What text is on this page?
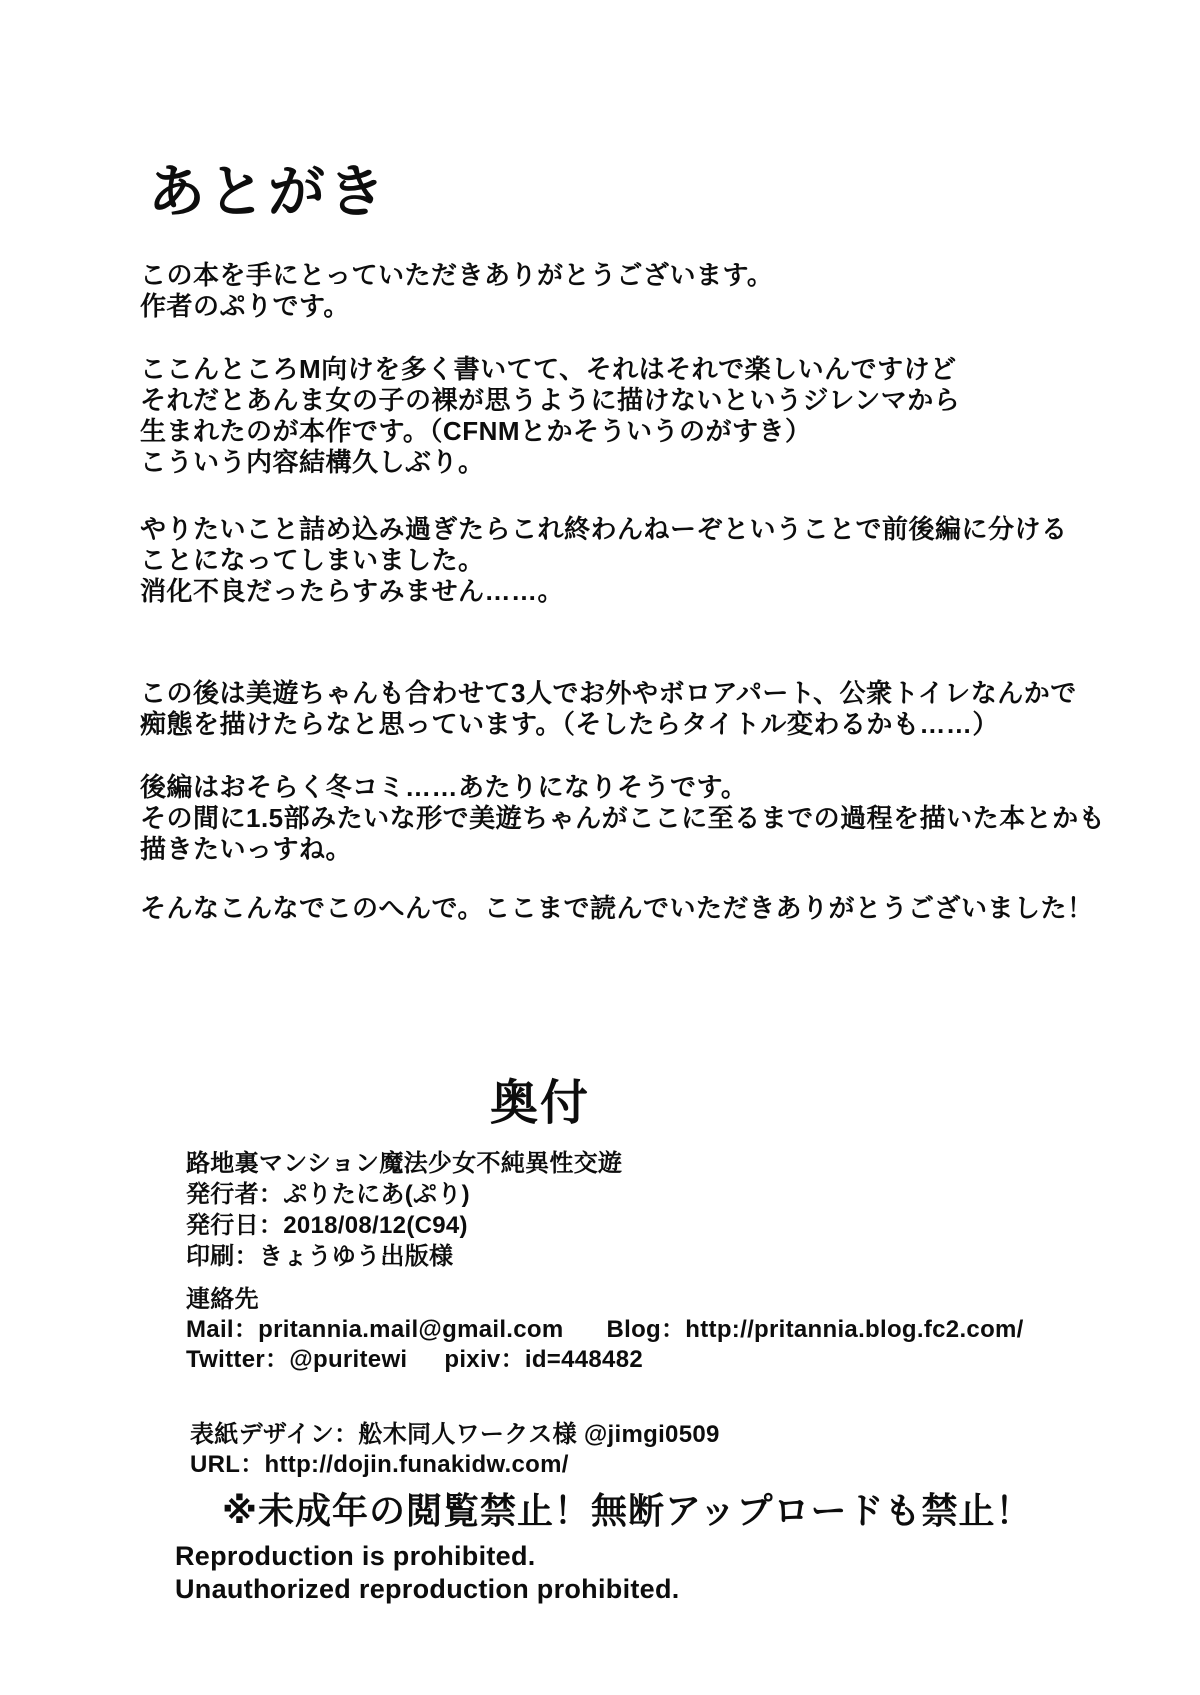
あとがき
この本を手にとっていただきありがとうございます。
作者のぷりです。
ここんところM向けを多く書いてて、それはそれで楽しいんですけど
それだとあんま女の子の裸が思うように描けないというジレンマから
生まれたのが本作です。（CFNMとかそういうのがすき）
こういう内容結構久しぶり。
やりたいこと詰め込み過ぎたらこれ終わんねーぞということで前後編に分ける
ことになってしまいました。
消化不良だったらすみません……。
この後は美遊ちゃんも合わせて3人でお外やボロアパート、公衆トイレなんかで
痴態を描けたらなと思っています。（そしたらタイトル変わるかも……）
後編はおそらく冬コミ……あたりになりそうです。
その間に1.5部みたいな形で美遊ちゃんがここに至るまでの過程を描いた本とかも
描きたいっすね。
そんなこんなでこのへんで。ここまで読んでいただきありがとうございました！
奥付
路地裏マンション魔法少女不純異性交遊
発行者：ぷりたにあ(ぷり)
発行日：2018/08/12(C94)
印刷：きょうゆう出版様
連絡先
Mail：pritannia.mail@gmail.com Blog：http://pritannia.blog.fc2.com/
Twitter：@puritewi pixiv：id=448482
表紙デザイン：舩木同人ワークス様 @jimgi0509
URL：http://dojin.funakidw.com/
※未成年の閲覧禁止！無断アップロードも禁止！
Reproduction is prohibited.
Unauthorized reproduction prohibited.
